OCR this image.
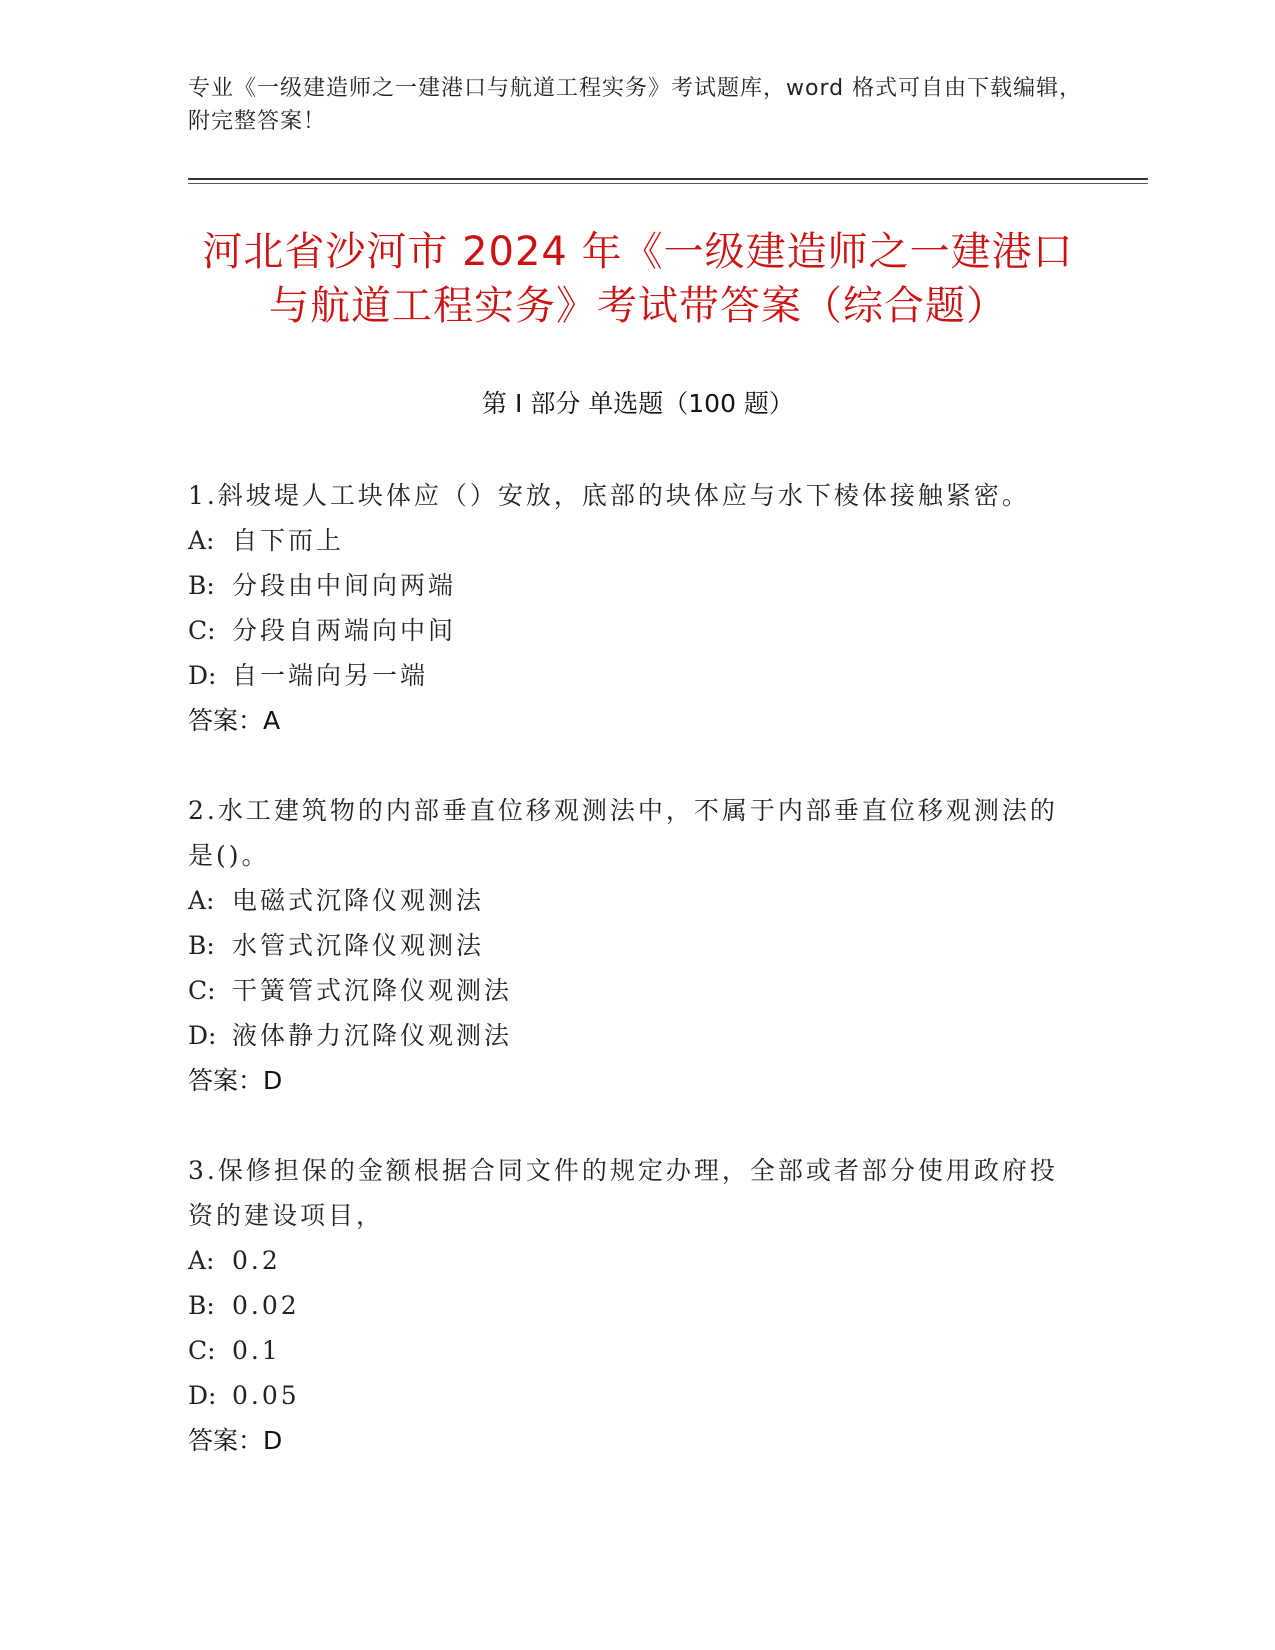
专业《一级建造师之一建港口与航道工程实务》考试题库，word 格式可自由下载编辑，附完整答案！
河北省沙河市 2024 年《一级建造师之一建港口与航道工程实务》考试带答案（综合题）
第 I 部分 单选题（100 题）
1.斜坡堤人工块体应（）安放，底部的块体应与水下棱体接触紧密。
A: 自下而上
B: 分段由中间向两端
C: 分段自两端向中间
D: 自一端向另一端
答案：A
2.水工建筑物的内部垂直位移观测法中，不属于内部垂直位移观测法的是()。
A: 电磁式沉降仪观测法
B: 水管式沉降仪观测法
C: 干簧管式沉降仪观测法
D: 液体静力沉降仪观测法
答案：D
3.保修担保的金额根据合同文件的规定办理，全部或者部分使用政府投资的建设项目，
A: 0.2
B: 0.02
C: 0.1
D: 0.05
答案：D
